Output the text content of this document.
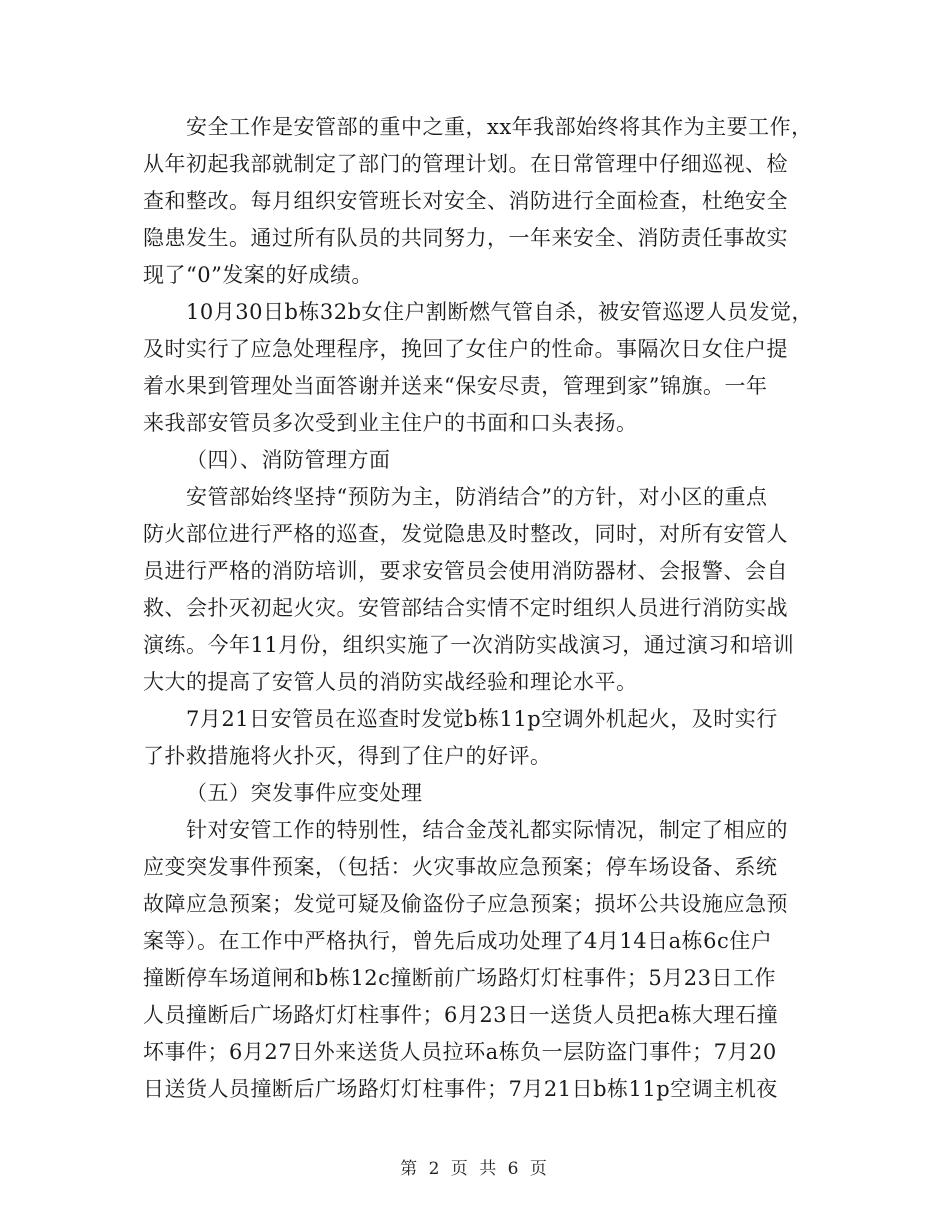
安全工作是安管部的重中之重，xx年我部始终将其作为主要工作，
从年初起我部就制定了部门的管理计划。在日常管理中仔细巡视、检
查和整改。每月组织安管班长对安全、消防进行全面检查，杜绝安全
隐患发生。通过所有队员的共同努力，一年来安全、消防责任事故实
现了“0”发案的好成绩。
10月30日b栋32b女住户割断燃气管自杀，被安管巡逻人员发觉，
及时实行了应急处理程序，挽回了女住户的性命。事隔次日女住户提
着水果到管理处当面答谢并送来“保安尽责，管理到家”锦旗。一年
来我部安管员多次受到业主住户的书面和口头表扬。
（四）、消防管理方面
安管部始终坚持“预防为主，防消结合”的方针，对小区的重点
防火部位进行严格的巡查，发觉隐患及时整改，同时，对所有安管人
员进行严格的消防培训，要求安管员会使用消防器材、会报警、会自
救、会扑灭初起火灾。安管部结合实情不定时组织人员进行消防实战
演练。今年11月份，组织实施了一次消防实战演习，通过演习和培训
大大的提高了安管人员的消防实战经验和理论水平。
7月21日安管员在巡查时发觉b栋11p空调外机起火，及时实行
了扑救措施将火扑灭，得到了住户的好评。
（五）突发事件应变处理
针对安管工作的特别性，结合金茂礼都实际情况，制定了相应的
应变突发事件预案，（包括：火灾事故应急预案；停车场设备、系统
故障应急预案；发觉可疑及偷盗份子应急预案；损坏公共设施应急预
案等）。在工作中严格执行，曾先后成功处理了4月14日a栋6c住户
撞断停车场道闸和b栋12c撞断前广场路灯灯柱事件；5月23日工作
人员撞断后广场路灯灯柱事件；6月23日一送货人员把a栋大理石撞
坏事件；6月27日外来送货人员拉环a栋负一层防盗门事件；7月20
日送货人员撞断后广场路灯灯柱事件；7月21日b栋11p空调主机夜
第 2 页 共 6 页
